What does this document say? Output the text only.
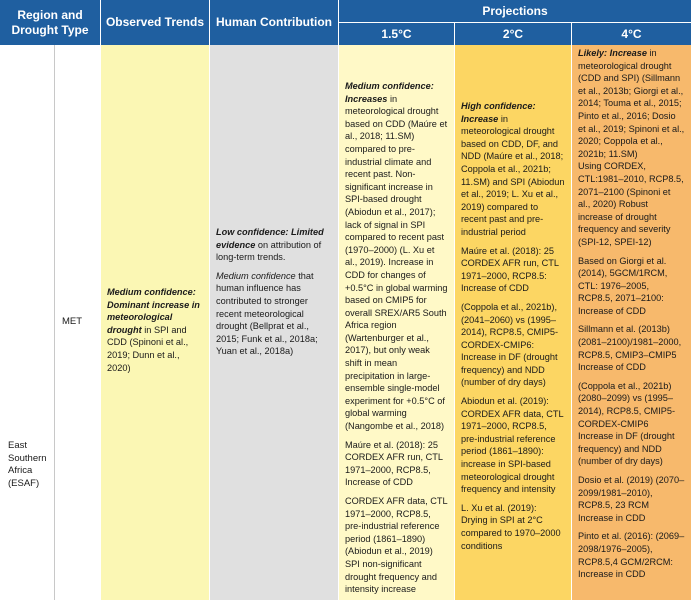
Region and Drought Type
Observed Trends Human Contribution
Projections
1.5°C	2°C	4°C
East Southern Africa (ESAF)
MET

Medium confidence: Dominant increase in meteorological drought in SPI and CDD (Spinoni et al., 2019; Dunn et al., 2020)

Low confidence: Limited evidence on attribution of long-term trends.

Medium confidence that human influence has contributed to stronger recent meteorological drought (Bellprat et al., 2015; Funk et al., 2018a; Yuan et al., 2018a)

Medium confidence: Increases in meteorological drought based on CDD (Maúre et al., 2018; 11.SM) compared to pre-industrial climate and recent past. Non-significant increase in SPI-based drought (Abiodun et al., 2017); lack of signal in SPI compared to recent past (1970–2000) (L. Xu et al., 2019). Increase in CDD for changes of +0.5°C in global warming based on CMIP5 for overall SREX/AR5 South Africa region (Wartenburger et al., 2017), but only weak shift in mean precipitation in large-ensemble single-model experiment for +0.5°C of global warming (Nangombe et al., 2018)

Maúre et al. (2018): 25 CORDEX AFR run, CTL 1971–2000, RCP8.5, Increase of CDD

CORDEX AFR data, CTL 1971–2000, RCP8.5, pre-industrial reference period (1861–1890) (Abiodun et al., 2019) SPI non-significant drought frequency and intensity increase

High confidence: Increase in meteorological drought based on CDD, DF, and NDD (Maúre et al., 2018; Coppola et al., 2021b; 11.SM) and SPI (Abiodun et al., 2019; L. Xu et al., 2019) compared to recent past and pre-industrial period

Maúre et al. (2018): 25 CORDEX AFR run, CTL 1971–2000, RCP8.5: Increase of CDD

(Coppola et al., 2021b), (2041–2060) vs (1995–2014), RCP8.5, CMIP5-CORDEX-CMIP6: Increase in DF (drought frequency) and NDD (number of dry days)

Abiodun et al. (2019): CORDEX AFR data, CTL 1971–2000, RCP8.5, pre-industrial reference period (1861–1890): increase in SPI-based meteorological drought frequency and intensity

L. Xu et al. (2019): Drying in SPI at 2°C compared to 1970–2000 conditions

Likely: Increase in meteorological drought (CDD and SPI) (Sillmann et al., 2013b; Giorgi et al., 2014; Touma et al., 2015; Pinto et al., 2016; Dosio et al., 2019; Spinoni et al., 2020; Coppola et al., 2021b; 11.SM)

Using CORDEX, CTL:1981–2010, RCP8.5, 2071–2100 (Spinoni et al., 2020) Robust increase of drought frequency and severity (SPI-12, SPEI-12)

Based on Giorgi et al. (2014), 5GCM/1RCM, CTL: 1976–2005, RCP8.5, 2071–2100: Increase of CDD

Sillmann et al. (2013b) (2081–2100)/1981–2000, RCP8.5, CMIP3–CMIP5 Increase of CDD

(Coppola et al., 2021b) (2080–2099) vs (1995–2014), RCP8.5, CMIP5-CORDEX-CMIP6 Increase in DF (drought frequency) and NDD (number of dry days)

Dosio et al. (2019) (2070–2099/1981–2010), RCP8.5, 23 RCM Increase in CDD

Pinto et al. (2016): (2069–2098/1976–2005), RCP8.5,4 GCM/2RCM: Increase in CDD
